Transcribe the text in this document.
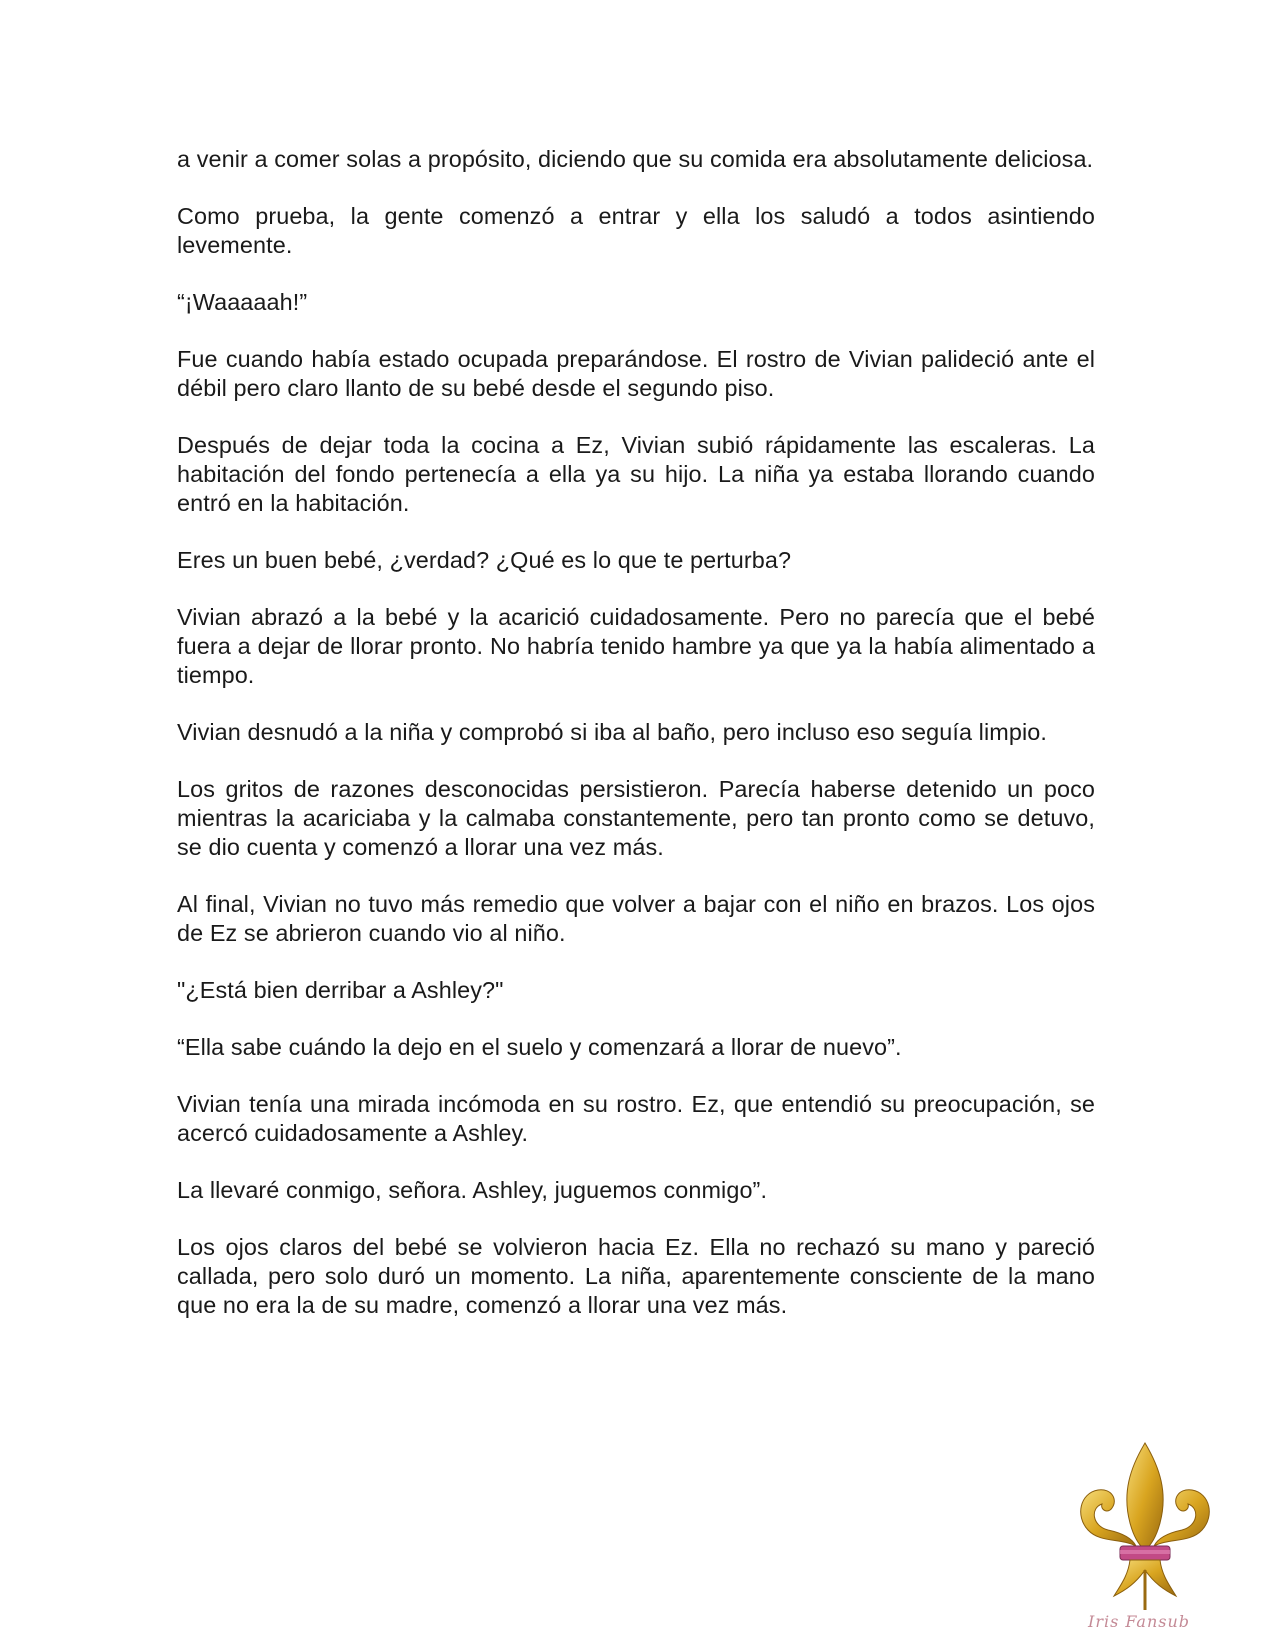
a venir a comer solas a propósito, diciendo que su comida era absolutamente deliciosa.

Como prueba, la gente comenzó a entrar y ella los saludó a todos asintiendo levemente.

“¡Waaaaah!”

Fue cuando había estado ocupada preparándose. El rostro de Vivian palideció ante el débil pero claro llanto de su bebé desde el segundo piso.

Después de dejar toda la cocina a Ez, Vivian subió rápidamente las escaleras. La habitación del fondo pertenecía a ella ya su hijo. La niña ya estaba llorando cuando entró en la habitación.

Eres un buen bebé, ¿verdad? ¿Qué es lo que te perturba?

Vivian abrazó a la bebé y la acarició cuidadosamente. Pero no parecía que el bebé fuera a dejar de llorar pronto. No habría tenido hambre ya que ya la había alimentado a tiempo.

Vivian desnudó a la niña y comprobó si iba al baño, pero incluso eso seguía limpio.

Los gritos de razones desconocidas persistieron. Parecía haberse detenido un poco mientras la acariciaba y la calmaba constantemente, pero tan pronto como se detuvo, se dio cuenta y comenzó a llorar una vez más.

Al final, Vivian no tuvo más remedio que volver a bajar con el niño en brazos. Los ojos de Ez se abrieron cuando vio al niño.

"¿Está bien derribar a Ashley?"

“Ella sabe cuándo la dejo en el suelo y comenzará a llorar de nuevo”.

Vivian tenía una mirada incómoda en su rostro. Ez, que entendió su preocupación, se acercó cuidadosamente a Ashley.

La llevaré conmigo, señora. Ashley, juguemos conmigo”.

Los ojos claros del bebé se volvieron hacia Ez. Ella no rechazó su mano y pareció callada, pero solo duró un momento. La niña, aparentemente consciente de la mano que no era la de su madre, comenzó a llorar una vez más.

Iris Fansub
